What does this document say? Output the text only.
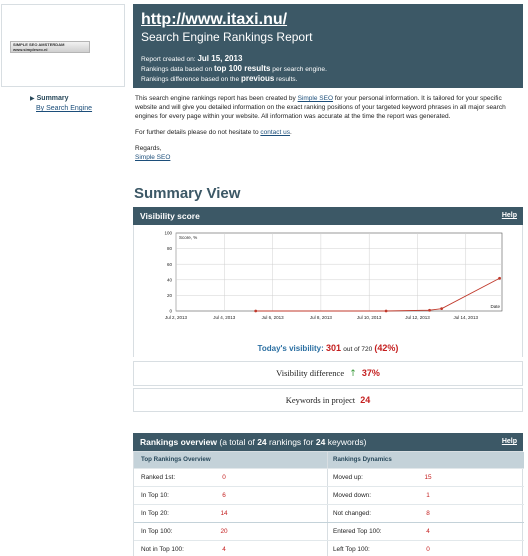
SIMPLE SEO AMSTERDAM
www.simpleseo.nl
▶ Summary
By Search Engine
http://www.itaxi.nu/
Search Engine Rankings Report
Report created on: Jul 15, 2013
Rankings data based on top 100 results per search engine.
Rankings difference based on the previous results.

This search engine rankings report has been created by Simple SEO for your personal information. It is tailored for your specific website and will give you detailed information on the exact ranking positions of your targeted keyword phrases in all major search engines for every page within your website. All information was accurate at the time the report was generated.

For further details please do not hesitate to contact us.

Regards,
Simple SEO
Summary View
Visibility score	Help
0
20
40
60
80
100
Jul 2, 2013	Jul 4, 2013	Jul 6, 2013	Jul 8, 2013	Jul 10, 2013	Jul 12, 2013	Jul 14, 2013
Score, %
Date
Today's visibility: 301 out of 720 (42%)
Visibility difference ↑ 37%
Keywords in project 24
Rankings overview (a total of 24 rankings for 24 keywords)	Help
Top Rankings Overview	Rankings Dynamics
Ranked 1st:	0	Moved up:	15
In Top 10:	6	Moved down:	1
In Top 20:	14	Not changed:	8
In Top 100:	20	Entered Top 100:	4
Not in Top 100:	4	Left Top 100:	0
